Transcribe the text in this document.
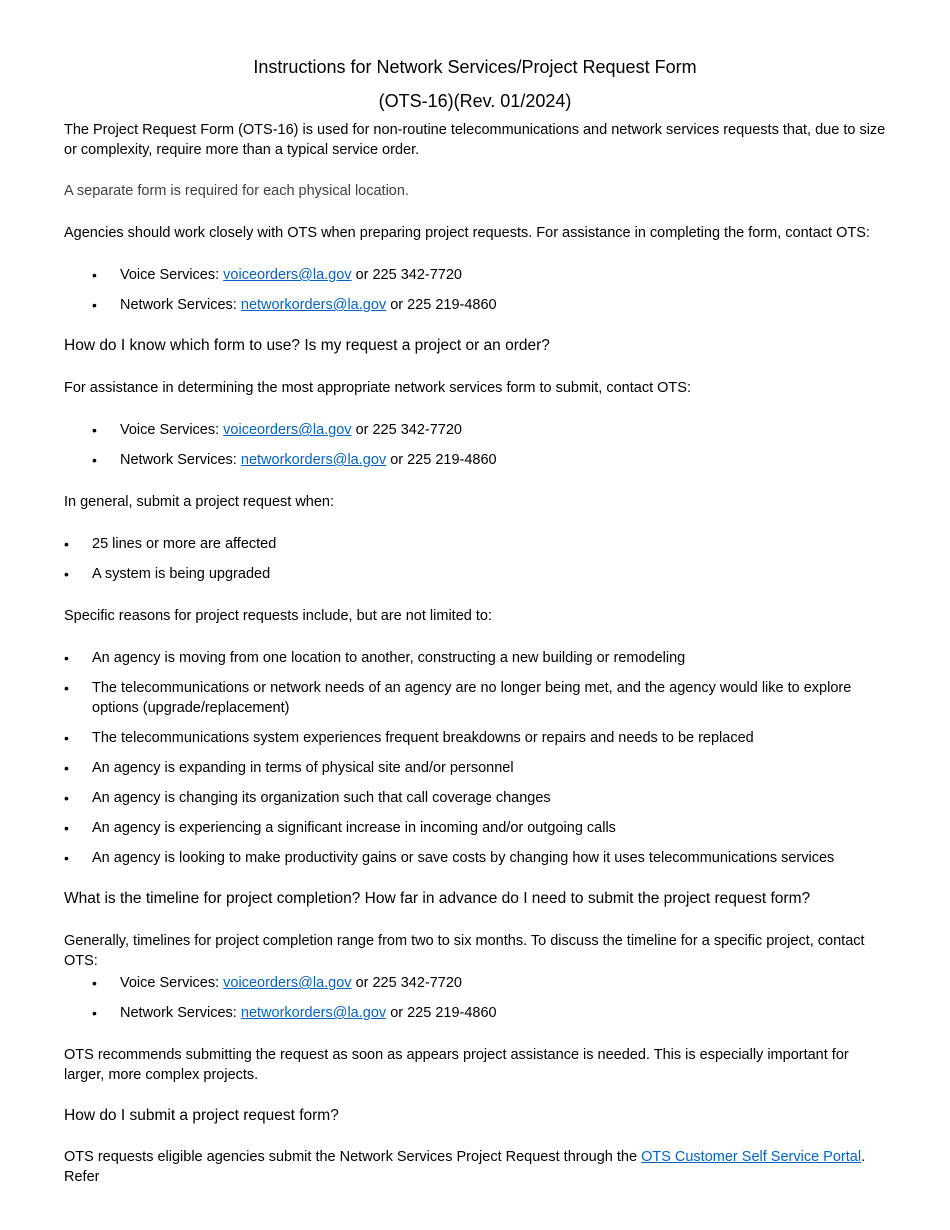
Instructions for Network Services/Project Request Form
(OTS-16)(Rev. 01/2024)

The Project Request Form (OTS-16) is used for non-routine telecommunications and network services requests that, due to size or complexity, require more than a typical service order.

A separate form is required for each physical location.

Agencies should work closely with OTS when preparing project requests. For assistance in completing the form, contact OTS:

• Voice Services: voiceorders@la.gov or 225 342-7720
• Network Services: networkorders@la.gov or 225 219-4860

How do I know which form to use? Is my request a project or an order?

For assistance in determining the most appropriate network services form to submit, contact OTS:

• Voice Services: voiceorders@la.gov or 225 342-7720
• Network Services: networkorders@la.gov or 225 219-4860

In general, submit a project request when:

• 25 lines or more are affected
• A system is being upgraded

Specific reasons for project requests include, but are not limited to:

• An agency is moving from one location to another, constructing a new building or remodeling
• The telecommunications or network needs of an agency are no longer being met, and the agency would like to explore options (upgrade/replacement)
• The telecommunications system experiences frequent breakdowns or repairs and needs to be replaced
• An agency is expanding in terms of physical site and/or personnel
• An agency is changing its organization such that call coverage changes
• An agency is experiencing a significant increase in incoming and/or outgoing calls
• An agency is looking to make productivity gains or save costs by changing how it uses telecommunications services

What is the timeline for project completion? How far in advance do I need to submit the project request form?

Generally, timelines for project completion range from two to six months. To discuss the timeline for a specific project, contact OTS:

• Voice Services: voiceorders@la.gov or 225 342-7720
• Network Services: networkorders@la.gov or 225 219-4860

OTS recommends submitting the request as soon as appears project assistance is needed. This is especially important for larger, more complex projects.

How do I submit a project request form?

OTS requests eligible agencies submit the Network Services Project Request through the OTS Customer Self Service Portal. Refer
